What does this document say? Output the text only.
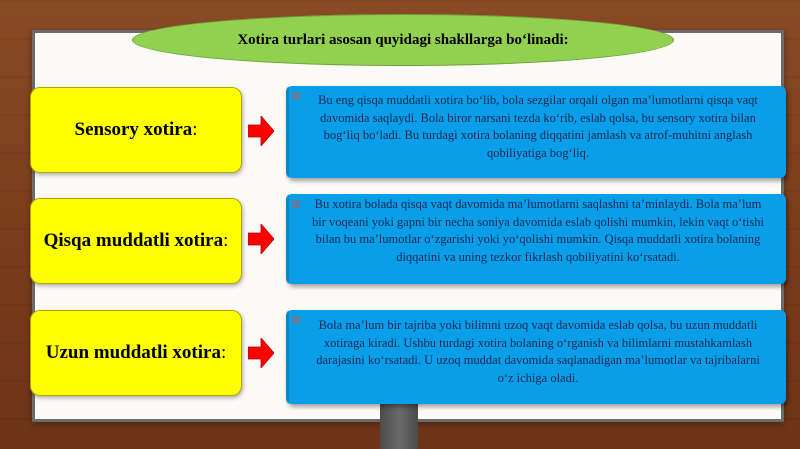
Xotira turlari asosan quyidagi shakllarga bo‘linadi:
Sensory xotira:
Bu eng qisqa muddatli xotira bo‘lib, bola sezgilar orqali olgan ma’lumotlarni qisqa vaqt davomida saqlaydi. Bola biror narsani tezda ko‘rib, eslab qolsa, bu sensory xotira bilan bog‘liq bo‘ladi. Bu turdagi xotira bolaning diqqatini jamlash va atrof-muhitni anglash qobiliyatiga bog‘liq.
Qisqa muddatli xotira:
Bu xotira bolada qisqa vaqt davomida ma’lumotlarni saqlashni ta’minlaydi. Bola ma’lum bir voqeani yoki gapni bir necha soniya davomida eslab qolishi mumkin, lekin vaqt o‘tishi bilan bu ma’lumotlar o‘zgarishi yoki yo‘qolishi mumkin. Qisqa muddatli xotira bolaning diqqatini va uning tezkor fikrlash qobiliyatini ko‘rsatadi.
Uzun muddatli xotira:
Bola ma’lum bir tajriba yoki bilimni uzoq vaqt davomida eslab qolsa, bu uzun muddatli xotiraga kiradi. Ushbu turdagi xotira bolaning o‘rganish va bilimlarni mustahkamlash darajasini ko‘rsatadi. U uzoq muddat davomida saqlanadigan ma’lumotlar va tajribalarni o‘z ichiga oladi.
